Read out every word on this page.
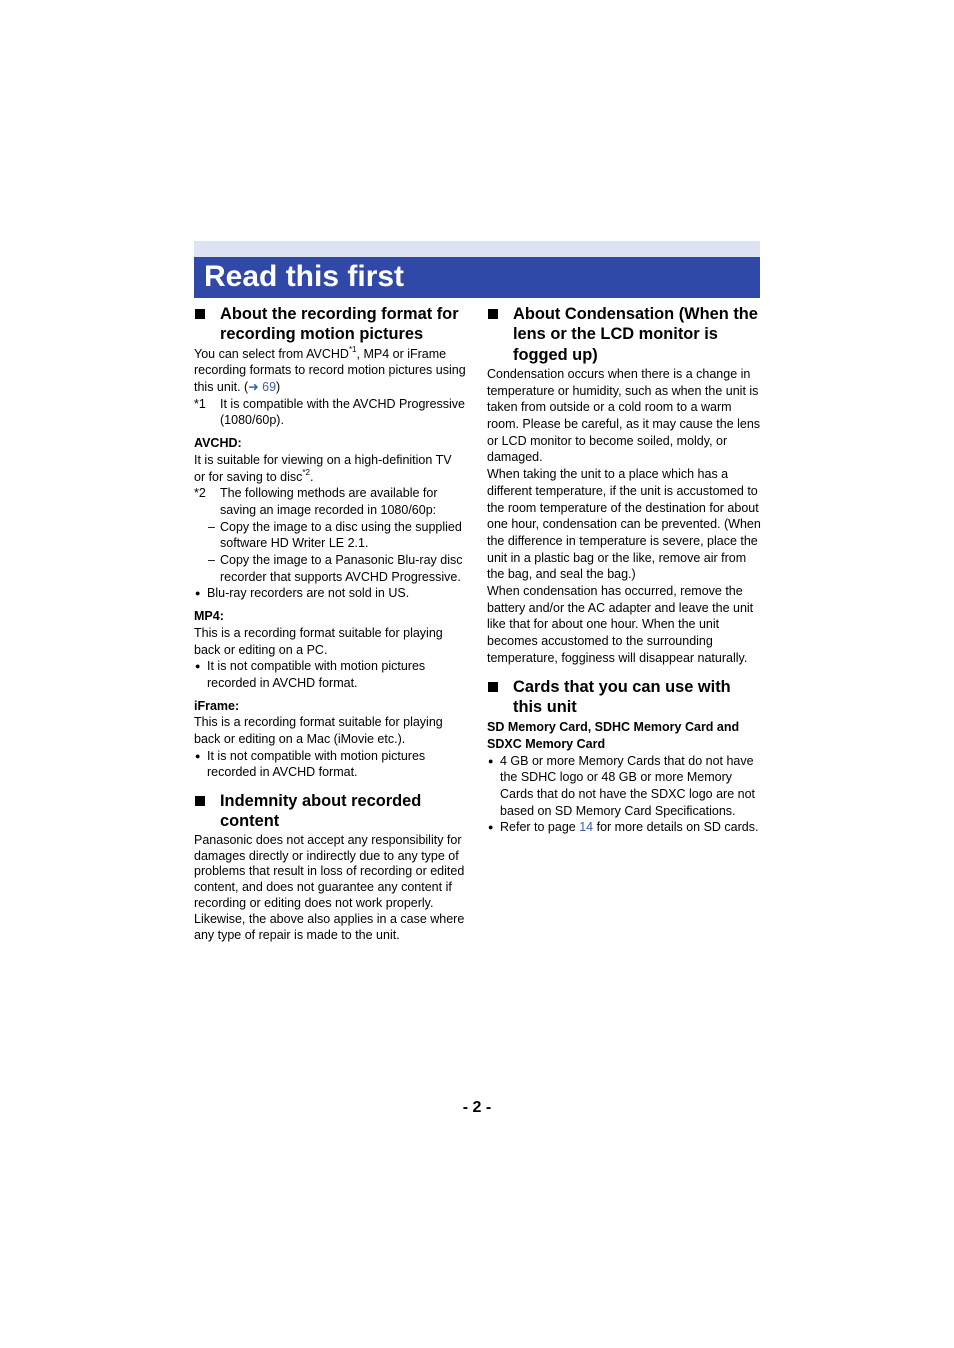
Read this first
About the recording format for recording motion pictures

You can select from AVCHD$^{*1}$, MP4 or iFrame recording formats to record motion pictures using this unit. (➜ 69)

*1 It is compatible with the AVCHD Progressive (1080/60p).
AVCHD:

It is suitable for viewing on a high-definition TV or for saving to disc$^{*2}$.

*2 The following methods are available for saving an image recorded in 1080/60p:
– Copy the image to a disc using the supplied software HD Writer LE 2.1.
– Copy the image to a Panasonic Blu-ray disc recorder that supports AVCHD Progressive.
● Blu-ray recorders are not sold in US.
MP4:

This is a recording format suitable for playing back or editing on a PC.

● It is not compatible with motion pictures recorded in AVCHD format.
iFrame:

This is a recording format suitable for playing back or editing on a Mac (iMovie etc.).

● It is not compatible with motion pictures recorded in AVCHD format.
Indemnity about recorded content

Panasonic does not accept any responsibility for damages directly or indirectly due to any type of problems that result in loss of recording or edited content, and does not guarantee any content if recording or editing does not work properly. Likewise, the above also applies in a case where any type of repair is made to the unit.

About Condensation (When the lens or the LCD monitor is fogged up)

Condensation occurs when there is a change in temperature or humidity, such as when the unit is taken from outside or a cold room to a warm room. Please be careful, as it may cause the lens or LCD monitor to become soiled, moldy, or damaged.

When taking the unit to a place which has a different temperature, if the unit is accustomed to the room temperature of the destination for about one hour, condensation can be prevented. (When the difference in temperature is severe, place the unit in a plastic bag or the like, remove air from the bag, and seal the bag.)

When condensation has occurred, remove the battery and/or the AC adapter and leave the unit like that for about one hour. When the unit becomes accustomed to the surrounding temperature, fogginess will disappear naturally.

Cards that you can use with this unit
SD Memory Card, SDHC Memory Card and SDXC Memory Card
● 4 GB or more Memory Cards that do not have the SDHC logo or 48 GB or more Memory Cards that do not have the SDXC logo are not based on SD Memory Card Specifications.
● Refer to page 14 for more details on SD cards.

- 2 -
